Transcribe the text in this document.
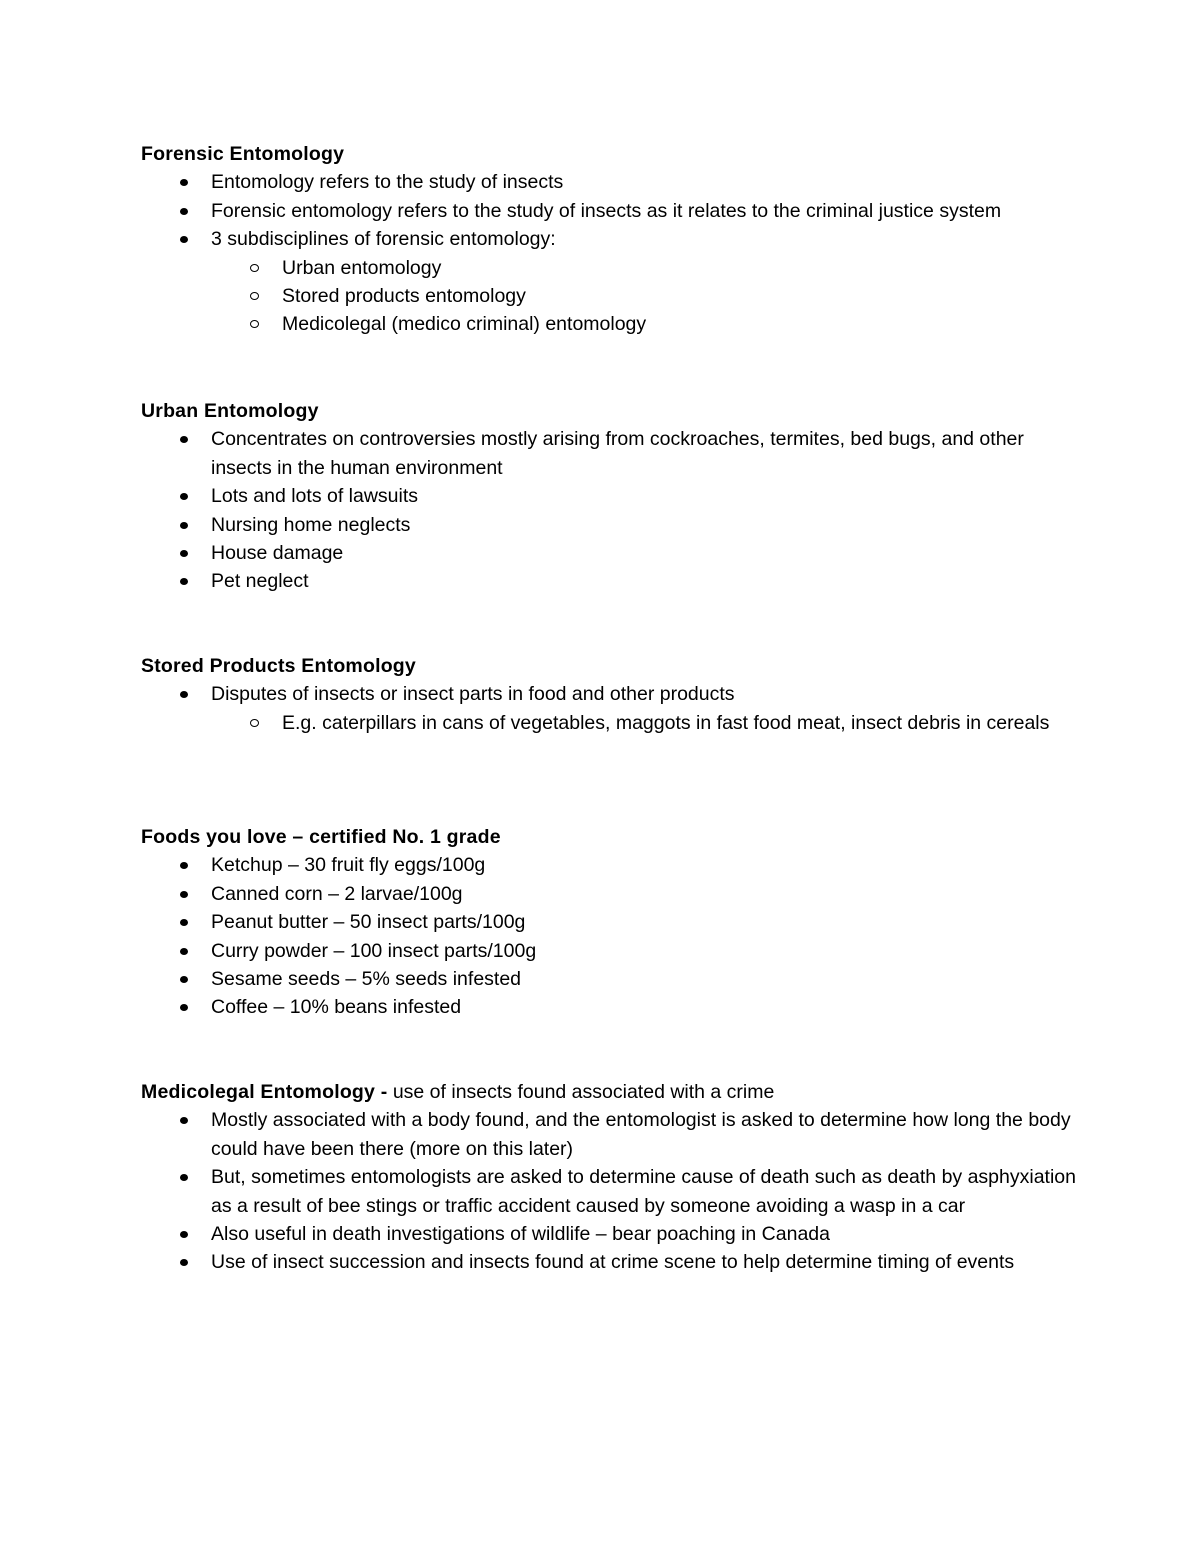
Forensic Entomology
Entomology refers to the study of insects
Forensic entomology refers to the study of insects as it relates to the criminal justice system
3 subdisciplines of forensic entomology:
Urban entomology
Stored products entomology
Medicolegal (medico criminal) entomology
Urban Entomology
Concentrates on controversies mostly arising from cockroaches, termites, bed bugs, and other insects in the human environment
Lots and lots of lawsuits
Nursing home neglects
House damage
Pet neglect
Stored Products Entomology
Disputes of insects or insect parts in food and other products
E.g. caterpillars in cans of vegetables, maggots in fast food meat, insect debris in cereals
Foods you love – certified No. 1 grade
Ketchup – 30 fruit fly eggs/100g
Canned corn – 2 larvae/100g
Peanut butter – 50 insect parts/100g
Curry powder – 100 insect parts/100g
Sesame seeds – 5% seeds infested
Coffee – 10% beans infested
Medicolegal Entomology - use of insects found associated with a crime
Mostly associated with a body found, and the entomologist is asked to determine how long the body could have been there (more on this later)
But, sometimes entomologists are asked to determine cause of death such as death by asphyxiation as a result of bee stings or traffic accident caused by someone avoiding a wasp in a car
Also useful in death investigations of wildlife – bear poaching in Canada
Use of insect succession and insects found at crime scene to help determine timing of events
